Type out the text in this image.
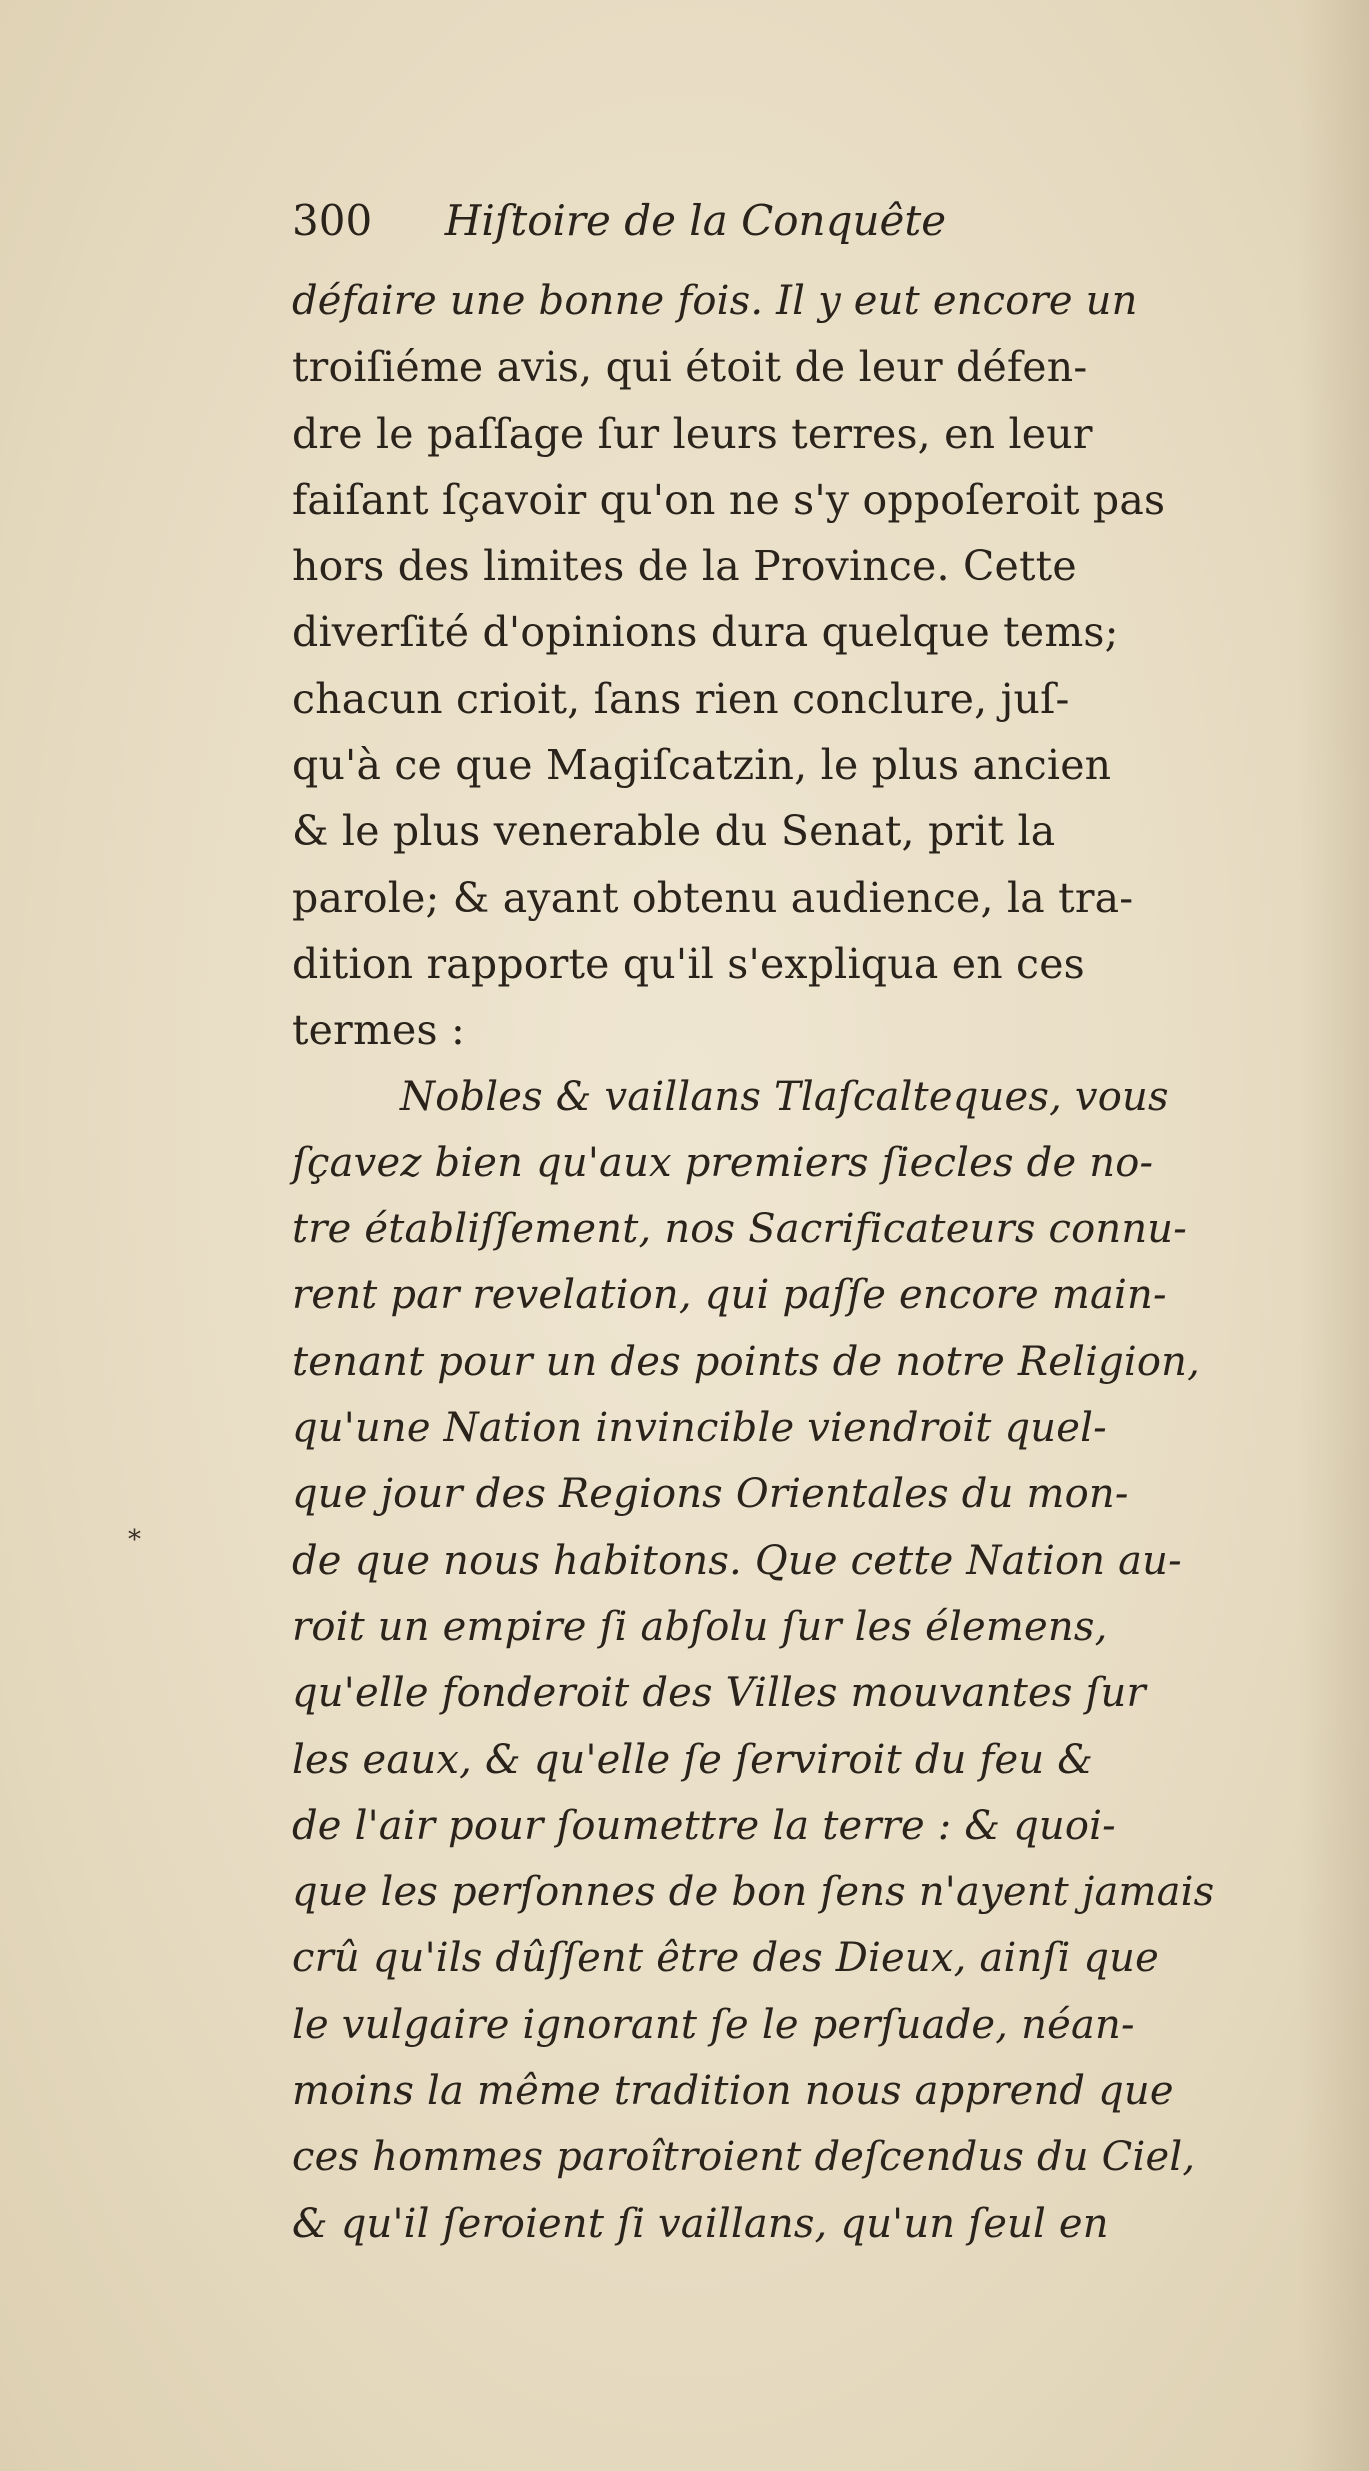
*
300 Hiſtoire de la Conquête
défaire une bonne fois. Il y eut encore un
troiſiéme avis, qui étoit de leur défen-
dre le paſſage ſur leurs terres, en leur
faiſant ſçavoir qu'on ne s'y oppoſeroit pas
hors des limites de la Province. Cette
diverſité d'opinions dura quelque tems;
chacun crioit, ſans rien conclure, juſ-
qu'à ce que Magiſcatzin, le plus ancien
& le plus venerable du Senat, prit la
parole; & ayant obtenu audience, la tra-
dition rapporte qu'il s'expliqua en ces
termes :
Nobles & vaillans Tlaſcalteques, vous
ſçavez bien qu'aux premiers ſiecles de no-
tre établiſſement, nos Sacrificateurs connu-
rent par revelation, qui paſſe encore main-
tenant pour un des points de notre Religion,
qu'une Nation invincible viendroit quel-
que jour des Regions Orientales du mon-
de que nous habitons. Que cette Nation au-
roit un empire ſi abſolu ſur les élemens,
qu'elle fonderoit des Villes mouvantes ſur
les eaux, & qu'elle ſe ſerviroit du feu &
de l'air pour ſoumettre la terre : & quoi-
que les perſonnes de bon ſens n'ayent jamais
crû qu'ils dûſſent être des Dieux, ainſi que
le vulgaire ignorant ſe le perſuade, néan-
moins la même tradition nous apprend que
ces hommes paroîtroient deſcendus du Ciel,
& qu'il ſeroient ſi vaillans, qu'un ſeul en
